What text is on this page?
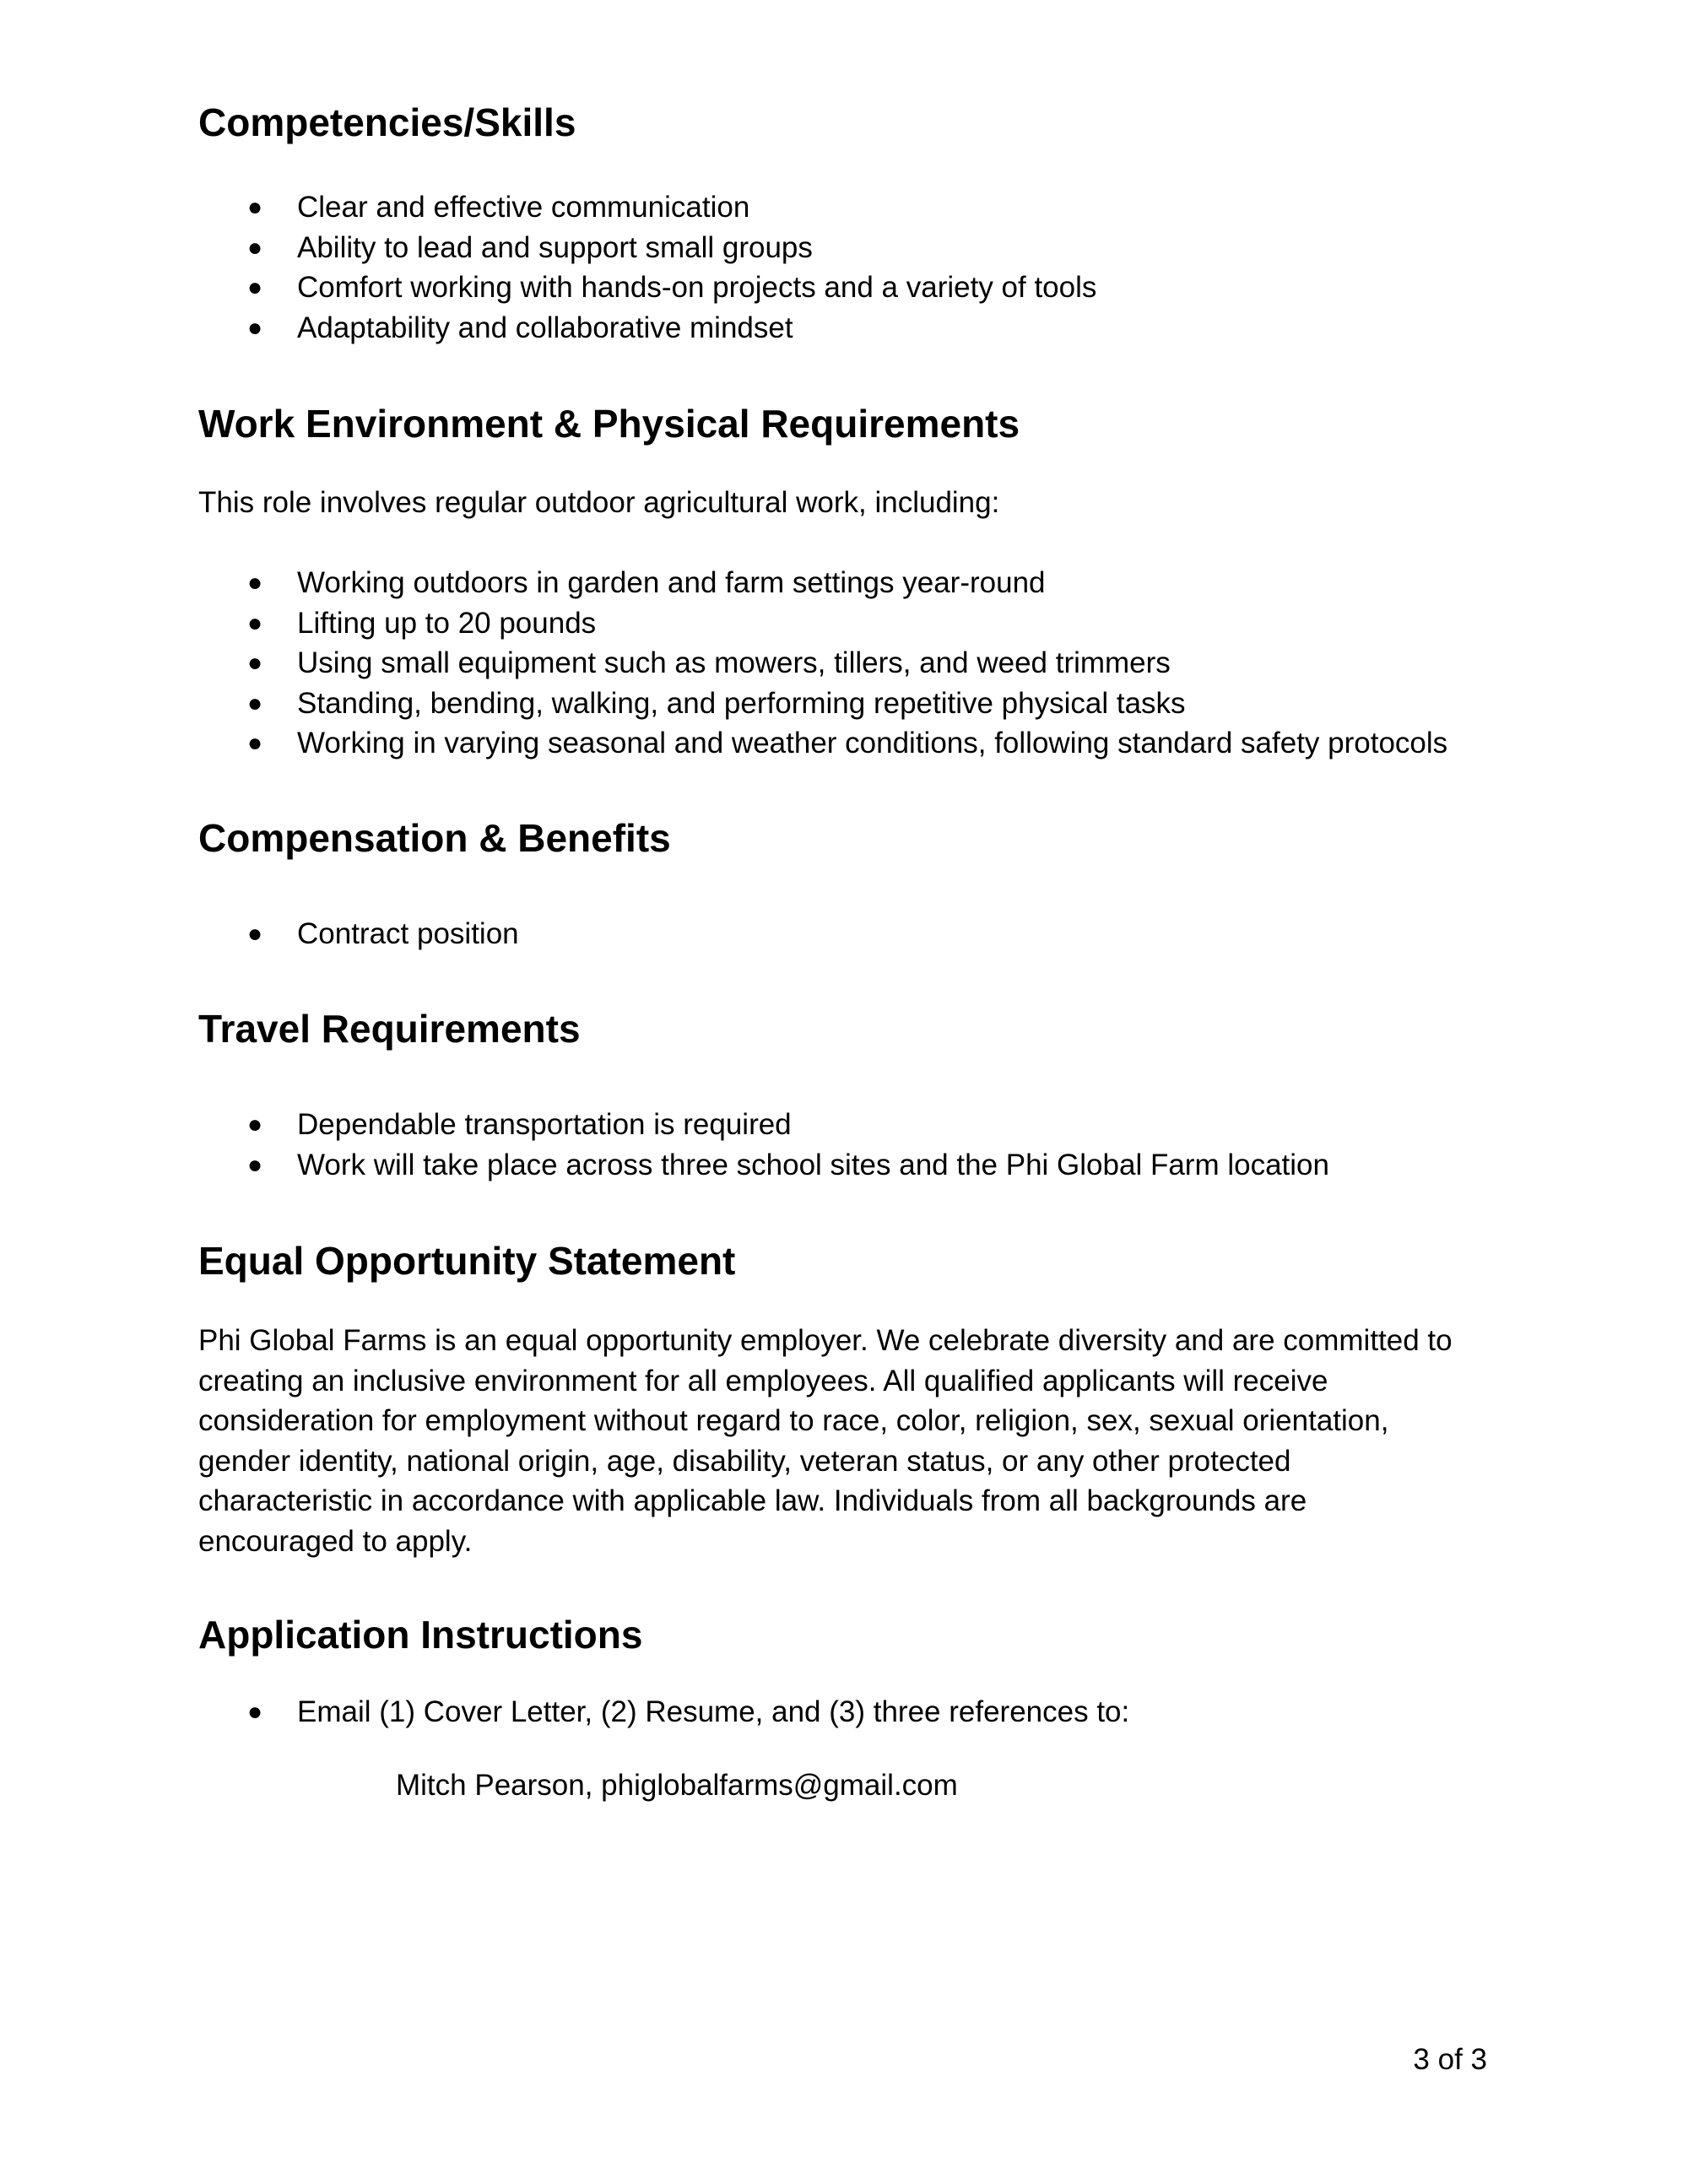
Competencies/Skills
●	Clear and effective communication
●	Ability to lead and support small groups
●	Comfort working with hands-on projects and a variety of tools
●	Adaptability and collaborative mindset
Work Environment & Physical Requirements

This role involves regular outdoor agricultural work, including:

●	Working outdoors in garden and farm settings year-round
●	Lifting up to 20 pounds
●	Using small equipment such as mowers, tillers, and weed trimmers
●	Standing, bending, walking, and performing repetitive physical tasks
●	Working in varying seasonal and weather conditions, following standard safety protocols
Compensation & Benefits
●	Contract position
Travel Requirements
●	Dependable transportation is required
●	Work will take place across three school sites and the Phi Global Farm location
Equal Opportunity Statement
Phi Global Farms is an equal opportunity employer. We celebrate diversity and are committed to
creating an inclusive environment for all employees. All qualified applicants will receive
consideration for employment without regard to race, color, religion, sex, sexual orientation,
gender identity, national origin, age, disability, veteran status, or any other protected
characteristic in accordance with applicable law. Individuals from all backgrounds are
encouraged to apply.
Application Instructions
●	Email (1) Cover Letter, (2) Resume, and (3) three references to:

Mitch Pearson, phiglobalfarms@gmail.com

3 of 3
